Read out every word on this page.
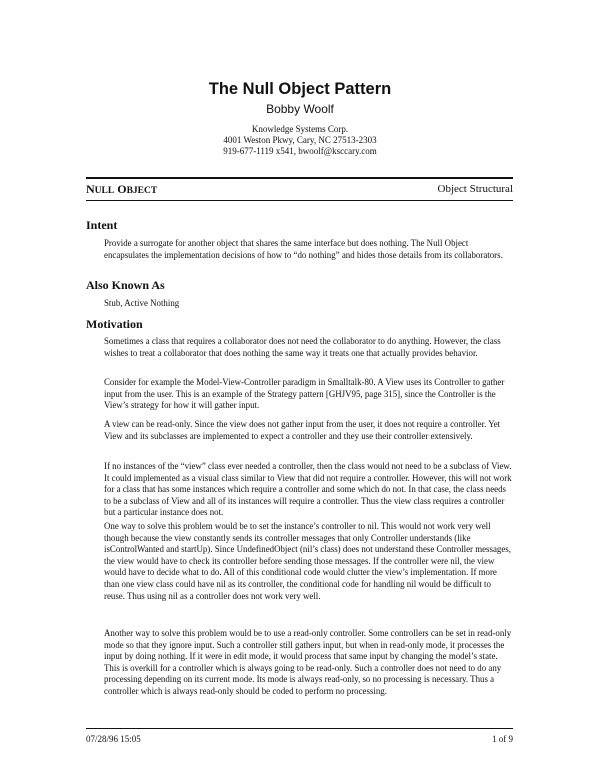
The Null Object Pattern
Bobby Woolf
Knowledge Systems Corp.
4001 Weston Pkwy, Cary, NC 27513-2303
919-677-1119 x541, bwoolf@ksccary.com
NULL OBJECT	Object Structural
Intent

Provide a surrogate for another object that shares the same interface but does nothing. The Null Object encapsulates the implementation decisions of how to “do nothing” and hides those details from its collaborators.

Also Known As

Stub, Active Nothing

Motivation

Sometimes a class that requires a collaborator does not need the collaborator to do anything. However, the class wishes to treat a collaborator that does nothing the same way it treats one that actually provides behavior.

Consider for example the Model-View-Controller paradigm in Smalltalk-80. A View uses its Controller to gather input from the user. This is an example of the Strategy pattern [GHJV95, page 315], since the Controller is the View’s strategy for how it will gather input.

A view can be read-only. Since the view does not gather input from the user, it does not require a controller. Yet View and its subclasses are implemented to expect a controller and they use their controller extensively.

If no instances of the “view” class ever needed a controller, then the class would not need to be a subclass of View. It could implemented as a visual class similar to View that did not require a controller. However, this will not work for a class that has some instances which require a controller and some which do not. In that case, the class needs to be a subclass of View and all of its instances will require a controller. Thus the view class requires a controller but a particular instance does not.

One way to solve this problem would be to set the instance’s controller to nil. This would not work very well though because the view constantly sends its controller messages that only Controller understands (like isControlWanted and startUp). Since UndefinedObject (nil’s class) does not understand these Controller messages, the view would have to check its controller before sending those messages. If the controller were nil, the view would have to decide what to do. All of this conditional code would clutter the view’s implementation. If more than one view class could have nil as its controller, the conditional code for handling nil would be difficult to reuse. Thus using nil as a controller does not work very well.

Another way to solve this problem would be to use a read-only controller. Some controllers can be set in read-only mode so that they ignore input. Such a controller still gathers input, but when in read-only mode, it processes the input by doing nothing. If it were in edit mode, it would process that same input by changing the model’s state. This is overkill for a controller which is always going to be read-only. Such a controller does not need to do any processing depending on its current mode. Its mode is always read-only, so no processing is necessary. Thus a controller which is always read-only should be coded to perform no processing.

07/28/96 15:05	1 of 9
